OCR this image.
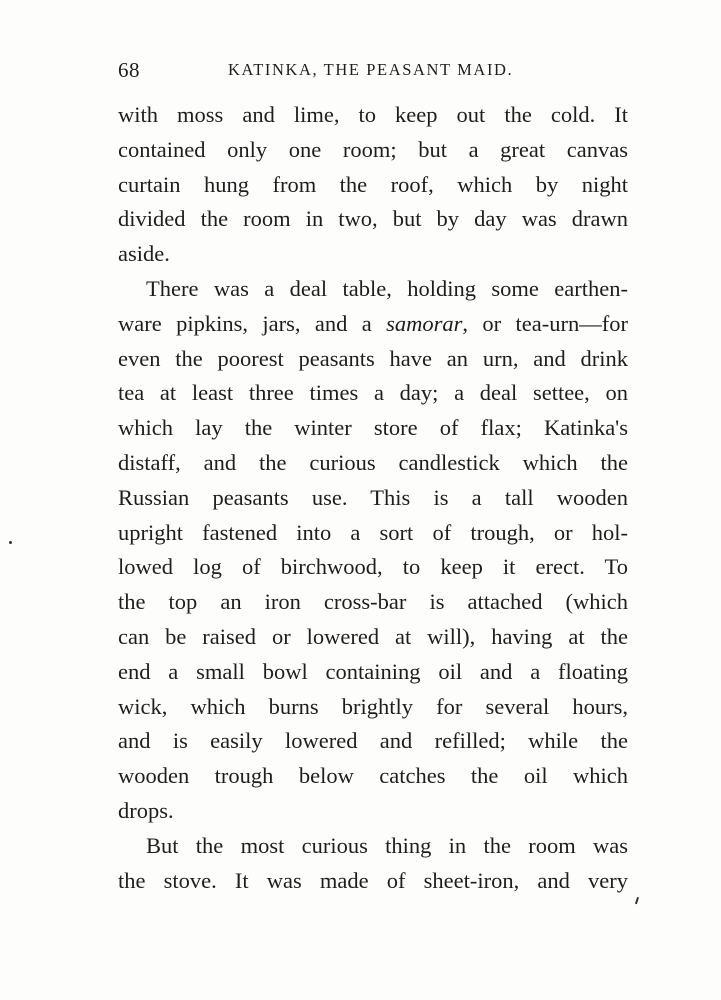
68	KATINKA, THE PEASANT MAID.
with moss and lime, to keep out the cold. It
contained only one room; but a great canvas
curtain hung from the roof, which by night
divided the room in two, but by day was drawn
aside.
There was a deal table, holding some earthen-
ware pipkins, jars, and a samorar, or tea-urn—for
even the poorest peasants have an urn, and drink
tea at least three times a day; a deal settee, on
which lay the winter store of flax; Katinka's
distaff, and the curious candlestick which the
Russian peasants use. This is a tall wooden
upright fastened into a sort of trough, or hol-
lowed log of birchwood, to keep it erect. To
the top an iron cross-bar is attached (which
can be raised or lowered at will), having at the
end a small bowl containing oil and a floating
wick, which burns brightly for several hours,
and is easily lowered and refilled; while the
wooden trough below catches the oil which
drops.
But the most curious thing in the room was
the stove. It was made of sheet-iron, and very
